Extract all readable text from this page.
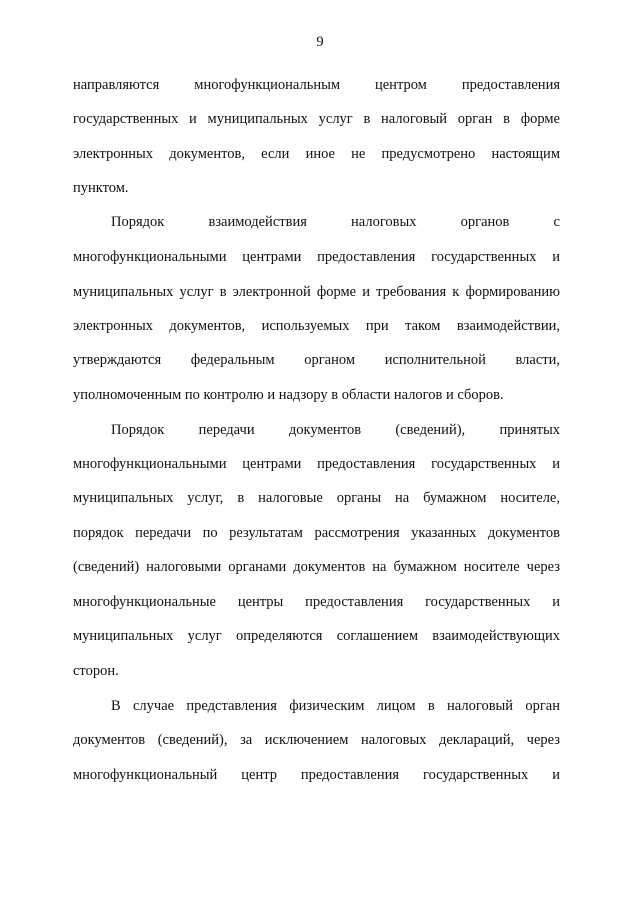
9
направляются многофункциональным центром предоставления
государственных и муниципальных услуг в налоговый орган в форме
электронных документов, если иное не предусмотрено настоящим
пунктом.
Порядок взаимодействия налоговых органов с
многофункциональными центрами предоставления государственных и
муниципальных услуг в электронной форме и требования к формированию
электронных документов, используемых при таком взаимодействии,
утверждаются федеральным органом исполнительной власти,
уполномоченным по контролю и надзору в области налогов и сборов.
Порядок передачи документов (сведений), принятых
многофункциональными центрами предоставления государственных и
муниципальных услуг, в налоговые органы на бумажном носителе,
порядок передачи по результатам рассмотрения указанных документов
(сведений) налоговыми органами документов на бумажном носителе через
многофункциональные центры предоставления государственных и
муниципальных услуг определяются соглашением взаимодействующих
сторон.
В случае представления физическим лицом в налоговый орган
документов (сведений), за исключением налоговых деклараций, через
многофункциональный центр предоставления государственных и
